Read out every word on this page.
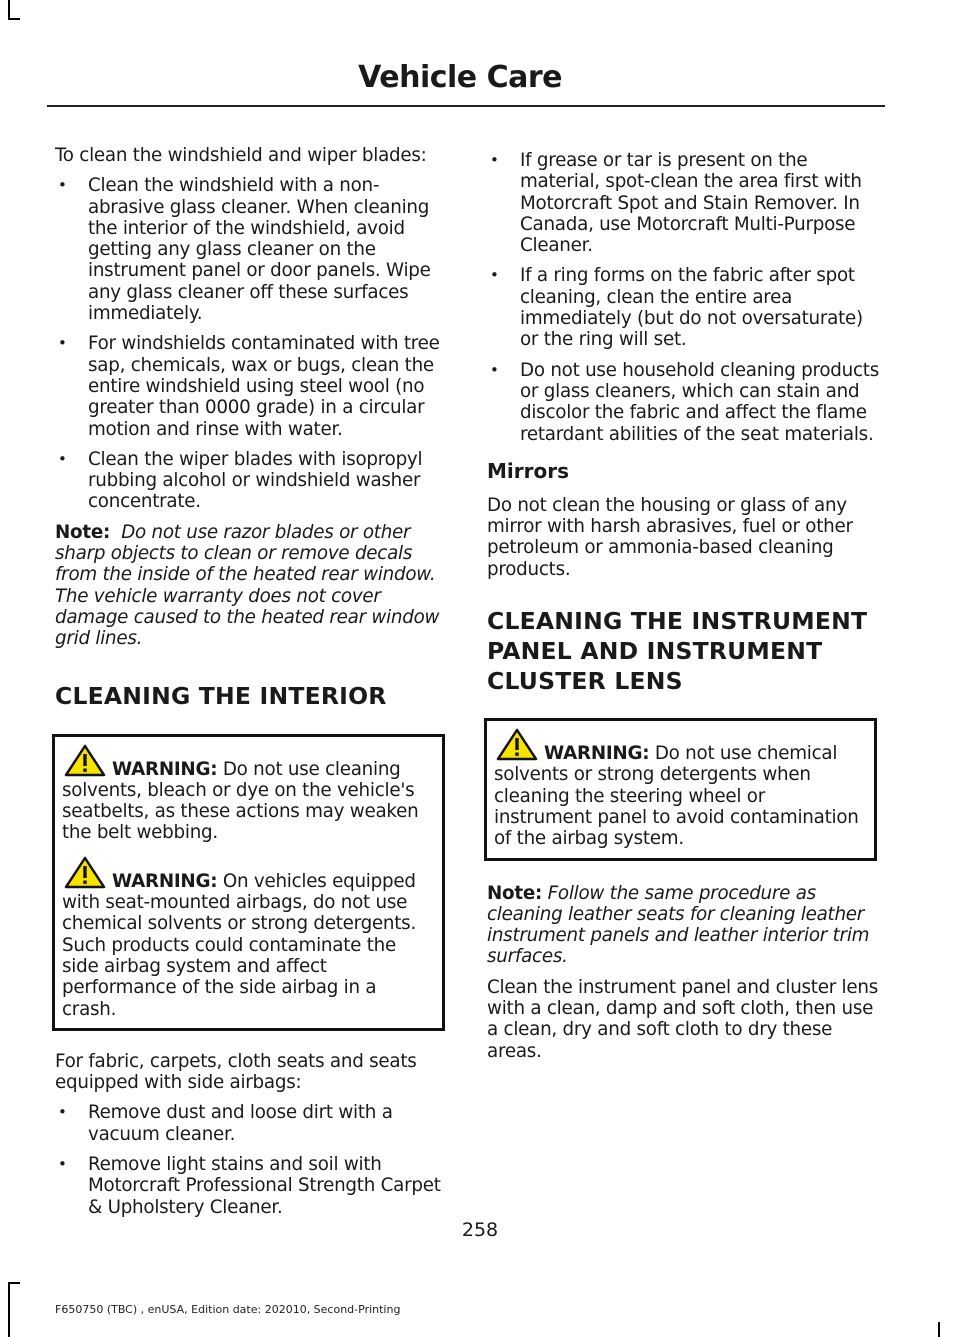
Vehicle Care

To clean the windshield and wiper blades:

• Clean the windshield with a non-abrasive glass cleaner. When cleaning the interior of the windshield, avoid getting any glass cleaner on the instrument panel or door panels. Wipe any glass cleaner off these surfaces immediately.
• For windshields contaminated with tree sap, chemicals, wax or bugs, clean the entire windshield using steel wool (no greater than 0000 grade) in a circular motion and rinse with water.
• Clean the wiper blades with isopropyl rubbing alcohol or windshield washer concentrate.
Note: Do not use razor blades or other sharp objects to clean or remove decals from the inside of the heated rear window. The vehicle warranty does not cover damage caused to the heated rear window grid lines.
CLEANING THE INTERIOR
WARNING: Do not use cleaning solvents, bleach or dye on the vehicle's seatbelts, as these actions may weaken the belt webbing.
WARNING: On vehicles equipped with seat-mounted airbags, do not use chemical solvents or strong detergents. Such products could contaminate the side airbag system and affect performance of the side airbag in a crash.

For fabric, carpets, cloth seats and seats equipped with side airbags:

• Remove dust and loose dirt with a vacuum cleaner.
• Remove light stains and soil with Motorcraft Professional Strength Carpet & Upholstery Cleaner.
• If grease or tar is present on the material, spot-clean the area first with Motorcraft Spot and Stain Remover. In Canada, use Motorcraft Multi-Purpose Cleaner.
• If a ring forms on the fabric after spot cleaning, clean the entire area immediately (but do not oversaturate) or the ring will set.
• Do not use household cleaning products or glass cleaners, which can stain and discolor the fabric and affect the flame retardant abilities of the seat materials.
Mirrors

Do not clean the housing or glass of any mirror with harsh abrasives, fuel or other petroleum or ammonia-based cleaning products.

CLEANING THE INSTRUMENT PANEL AND INSTRUMENT CLUSTER LENS
WARNING: Do not use chemical solvents or strong detergents when cleaning the steering wheel or instrument panel to avoid contamination of the airbag system.
Note: Follow the same procedure as cleaning leather seats for cleaning leather instrument panels and leather interior trim surfaces.

Clean the instrument panel and cluster lens with a clean, damp and soft cloth, then use a clean, dry and soft cloth to dry these areas.

258
F650750 (TBC) , enUSA, Edition date: 202010, Second-Printing
